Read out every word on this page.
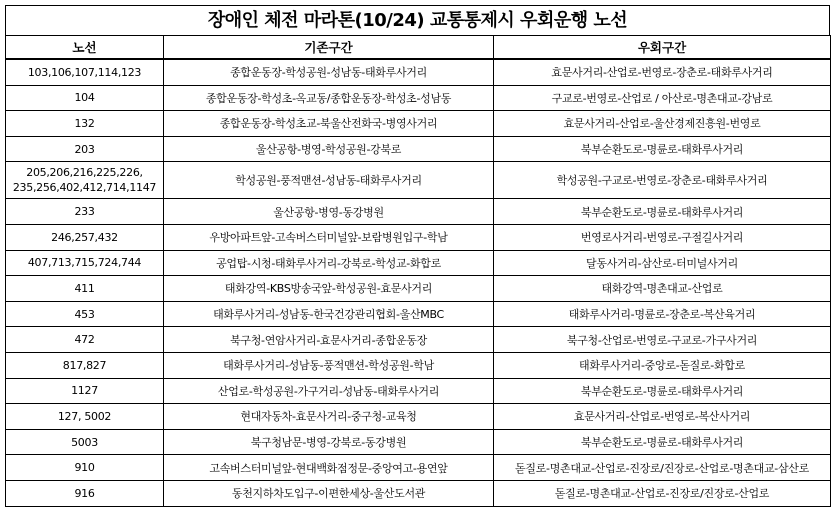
장애인 체전 마라톤(10/24) 교통통제시 우회운행 노선
노선	기존구간	우회구간
103,106,107,114,123	종합운동장-학성공원-성남동-태화루사거리	효문사거리-산업로-번영로-장춘로-태화루사거리
104	종합운동장-학성초-옥교동/종합운동장-학성초-성남동	구교로-번영로-산업로 / 아산로-명촌대교-강남로
132	종합운동장-학성초교-북울산전화국-병영사거리	효문사거리-산업로-울산경제진흥원-번영로
203	울산공항-병영-학성공원-강북로	북부순환도로-명륜로-태화루사거리
205,206,216,225,226,
235,256,402,412,714,1147	학성공원-풍적맨션-성남동-태화루사거리	학성공원-구교로-번영로-장춘로-태화루사거리
233	울산공항-병영-동강병원	북부순환도로-명륜로-태화루사거리
246,257,432	우방아파트앞-고속버스터미널앞-보람병원입구-학남	번영로사거리-번영로-구절길사거리
407,713,715,724,744	공업탑-시청-태화루사거리-강북로-학성교-화합로	달동사거리-삼산로-터미널사거리
411	태화강역-KBS방송국앞-학성공원-효문사거리	태화강역-명촌대교-산업로
453	태화루사거리-성남동-한국건강관리협회-울산MBC	태화루사거리-명륜로-장춘로-복산육거리
472	북구청-연암사거리-효문사거리-종합운동장	북구청-산업로-번영로-구교로-가구사거리
817,827	태화루사거리-성남동-풍적맨션-학성공원-학남	태화루사거리-중앙로-돋질로-화합로
1127	산업로-학성공원-가구거리-성남동-태화루사거리	북부순환도로-명륜로-태화루사거리
127, 5002	현대자동차-효문사거리-중구청-교육청	효문사거리-산업로-번영로-복산사거리
5003	북구청남문-병영-강북로-동강병원	북부순환도로-명륜로-태화루사거리
910	고속버스터미널앞-현대백화점정문-중앙여고-용연앞	돋질로-명촌대교-산업로-진장로/진장로-산업로-명촌대교-삼산로
916	동천지하차도입구-이편한세상-울산도서관	돋질로-명촌대교-산업로-진장로/진장로-산업로
